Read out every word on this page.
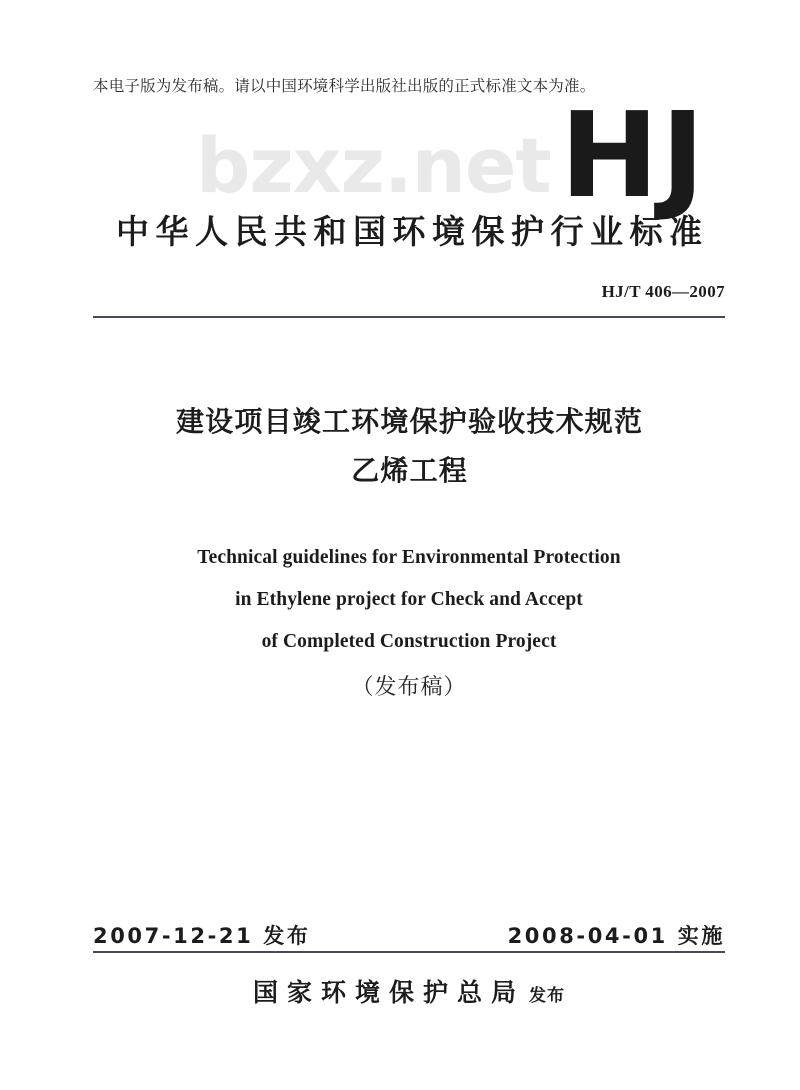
本电子版为发布稿。请以中国环境科学出版社出版的正式标准文本为准。
bzxz.net HJ
中华人民共和国环境保护行业标准
HJ/T 406—2007
建设项目竣工环境保护验收技术规范
乙烯工程
Technical guidelines for Environmental Protection
in Ethylene project for Check and Accept
of Completed Construction Project
（发布稿）
2007-12-21 发布	2008-04-01 实施
国家环境保护总局 发布
